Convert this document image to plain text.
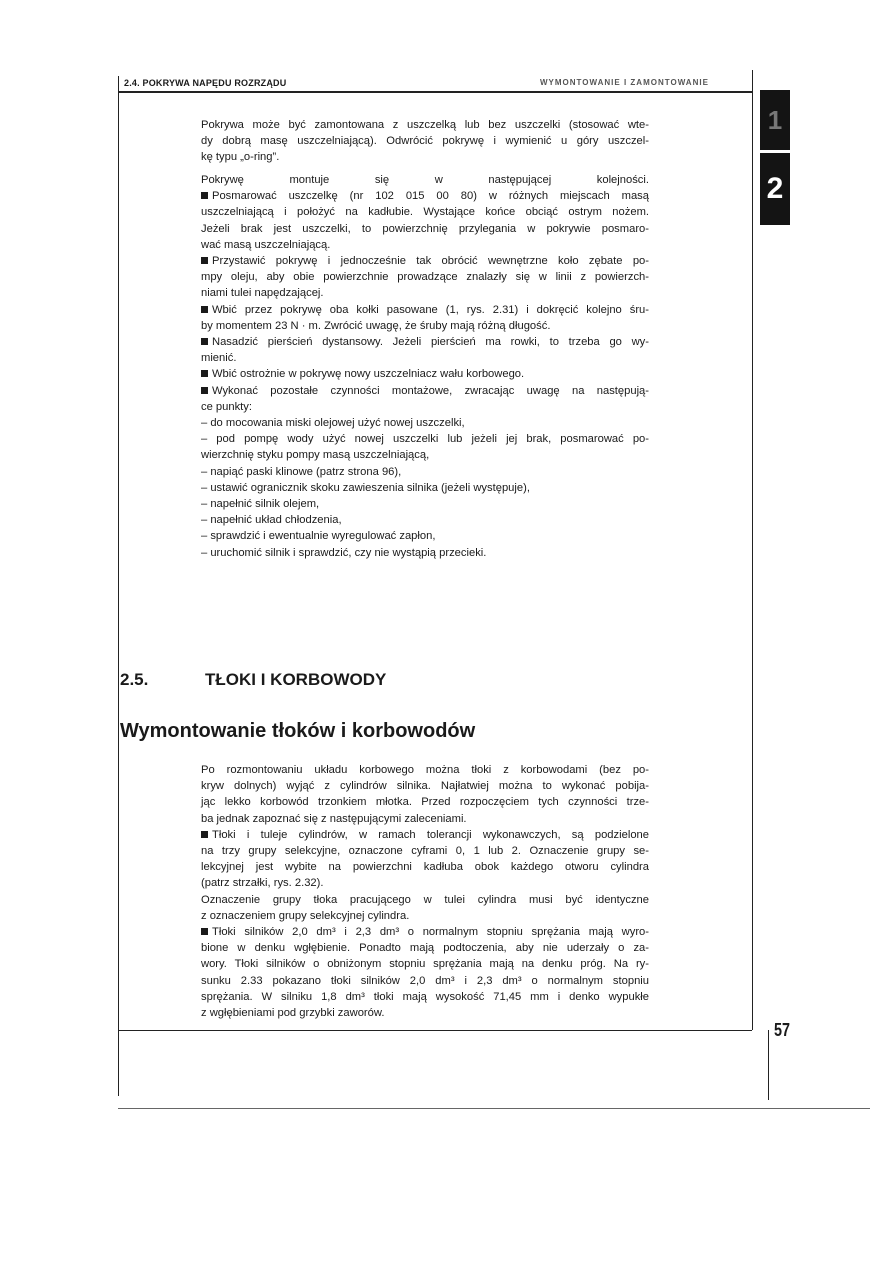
2.4. POKRYWA NAPĘDU ROZRZĄDU	WYMONTOWANIE I ZAMONTOWANIE
1
2
Pokrywa może być zamontowana z uszczelką lub bez uszczelki (stosować wte-
dy dobrą masę uszczelniającą). Odwrócić pokrywę i wymienić u góry uszczel-
kę typu „o-ring”.
Pokrywę montuje się w następującej kolejności.
Posmarować uszczelkę (nr 102 015 00 80) w różnych miejscach masą
uszczelniającą i położyć na kadłubie. Wystające końce obciąć ostrym nożem.
Jeżeli brak jest uszczelki, to powierzchnię przylegania w pokrywie posmaro-
wać masą uszczelniającą.
Przystawić pokrywę i jednocześnie tak obrócić wewnętrzne koło zębate po-
mpy oleju, aby obie powierzchnie prowadzące znalazły się w linii z powierzch-
niami tulei napędzającej.
Wbić przez pokrywę oba kołki pasowane (1, rys. 2.31) i dokręcić kolejno śru-
by momentem 23 N · m. Zwrócić uwagę, że śruby mają różną długość.
Nasadzić pierścień dystansowy. Jeżeli pierścień ma rowki, to trzeba go wy-
mienić.
Wbić ostrożnie w pokrywę nowy uszczelniacz wału korbowego.
Wykonać pozostałe czynności montażowe, zwracając uwagę na następują-
ce punkty:
– do mocowania miski olejowej użyć nowej uszczelki,
– pod pompę wody użyć nowej uszczelki lub jeżeli jej brak, posmarować po-
wierzchnię styku pompy masą uszczelniającą,
– napiąć paski klinowe (patrz strona 96),
– ustawić ogranicznik skoku zawieszenia silnika (jeżeli występuje),
– napełnić silnik olejem,
– napełnić układ chłodzenia,
– sprawdzić i ewentualnie wyregulować zapłon,
– uruchomić silnik i sprawdzić, czy nie wystąpią przecieki.
2.5.	TŁOKI I KORBOWODY
Wymontowanie tłoków i korbowodów
Po rozmontowaniu układu korbowego można tłoki z korbowodami (bez po-
kryw dolnych) wyjąć z cylindrów silnika. Najłatwiej można to wykonać pobija-
jąc lekko korbowód trzonkiem młotka. Przed rozpoczęciem tych czynności trze-
ba jednak zapoznać się z następującymi zaleceniami.
Tłoki i tuleje cylindrów, w ramach tolerancji wykonawczych, są podzielone
na trzy grupy selekcyjne, oznaczone cyframi 0, 1 lub 2. Oznaczenie grupy se-
lekcyjnej jest wybite na powierzchni kadłuba obok każdego otworu cylindra
(patrz strzałki, rys. 2.32).
Oznaczenie grupy tłoka pracującego w tulei cylindra musi być identyczne
z oznaczeniem grupy selekcyjnej cylindra.
Tłoki silników 2,0 dm³ i 2,3 dm³ o normalnym stopniu sprężania mają wyro-
bione w denku wgłębienie. Ponadto mają podtoczenia, aby nie uderzały o za-
wory. Tłoki silników o obniżonym stopniu sprężania mają na denku próg. Na ry-
sunku 2.33 pokazano tłoki silników 2,0 dm³ i 2,3 dm³ o normalnym stopniu
sprężania. W silniku 1,8 dm³ tłoki mają wysokość 71,45 mm i denko wypukłe
z wgłębieniami pod grzybki zaworów.
57
